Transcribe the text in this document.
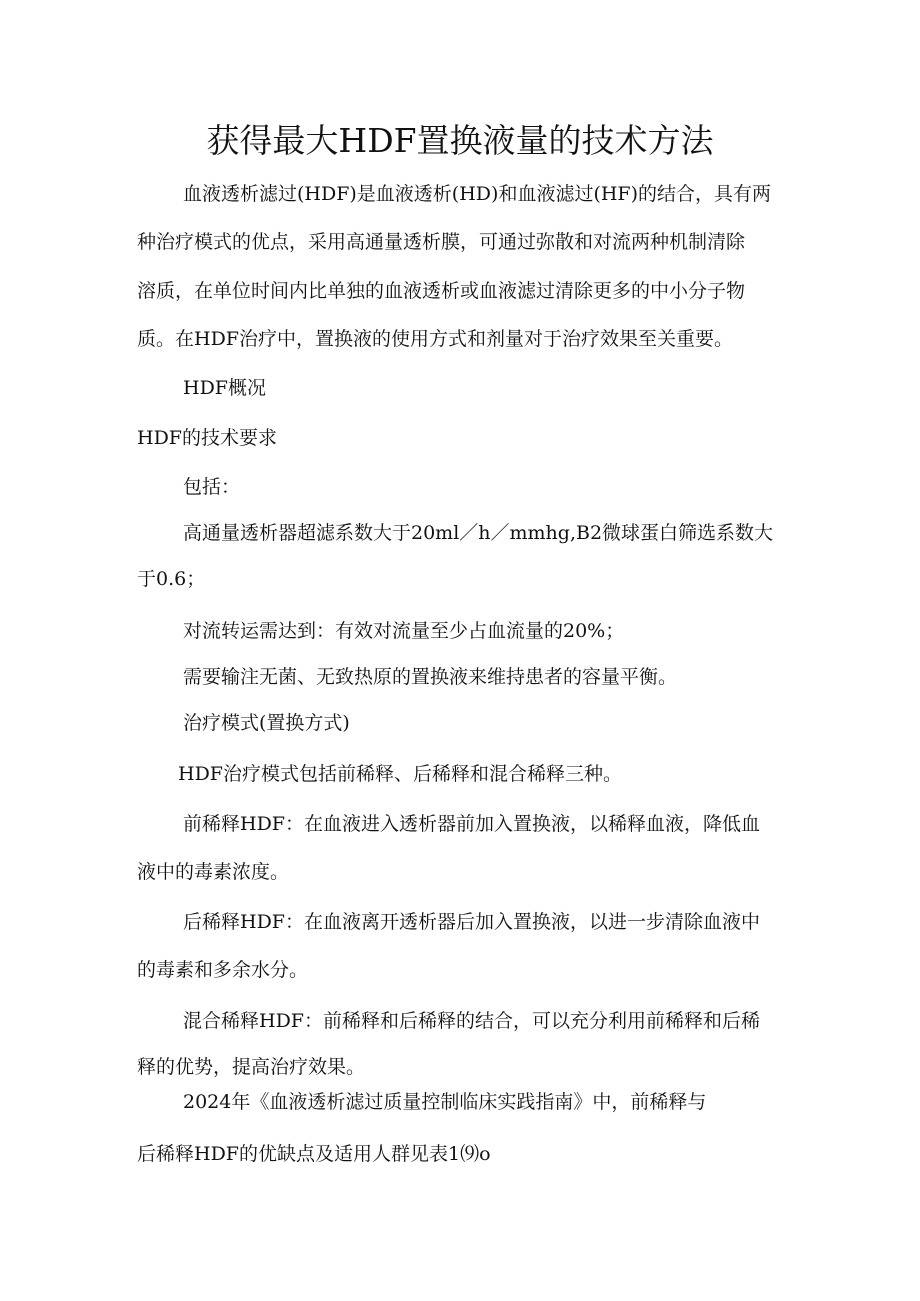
获得最大HDF置换液量的技术方法

血液透析滤过(HDF)是血液透析(HD)和血液滤过(HF)的结合，具有两

种治疗模式的优点，采用高通量透析膜，可通过弥散和对流两种机制清除

溶质，在单位时间内比单独的血液透析或血液滤过清除更多的中小分子物

质。在HDF治疗中，置换液的使用方式和剂量对于治疗效果至关重要。

HDF概况

HDF的技术要求

包括：

高通量透析器超滤系数大于20ml／h／mmhg,B2微球蛋白筛选系数大

于0.6；

对流转运需达到：有效对流量至少占血流量的20%；

需要输注无菌、无致热原的置换液来维持患者的容量平衡。

治疗模式(置换方式)

HDF治疗模式包括前稀释、后稀释和混合稀释三种。

前稀释HDF：在血液进入透析器前加入置换液，以稀释血液，降低血

液中的毒素浓度。

后稀释HDF：在血液离开透析器后加入置换液，以进一步清除血液中

的毒素和多余水分。

混合稀释HDF：前稀释和后稀释的结合，可以充分利用前稀释和后稀

释的优势，提高治疗效果。

2024年《血液透析滤过质量控制临床实践指南》中，前稀释与

后稀释HDF的优缺点及适用人群见表1⑼o
